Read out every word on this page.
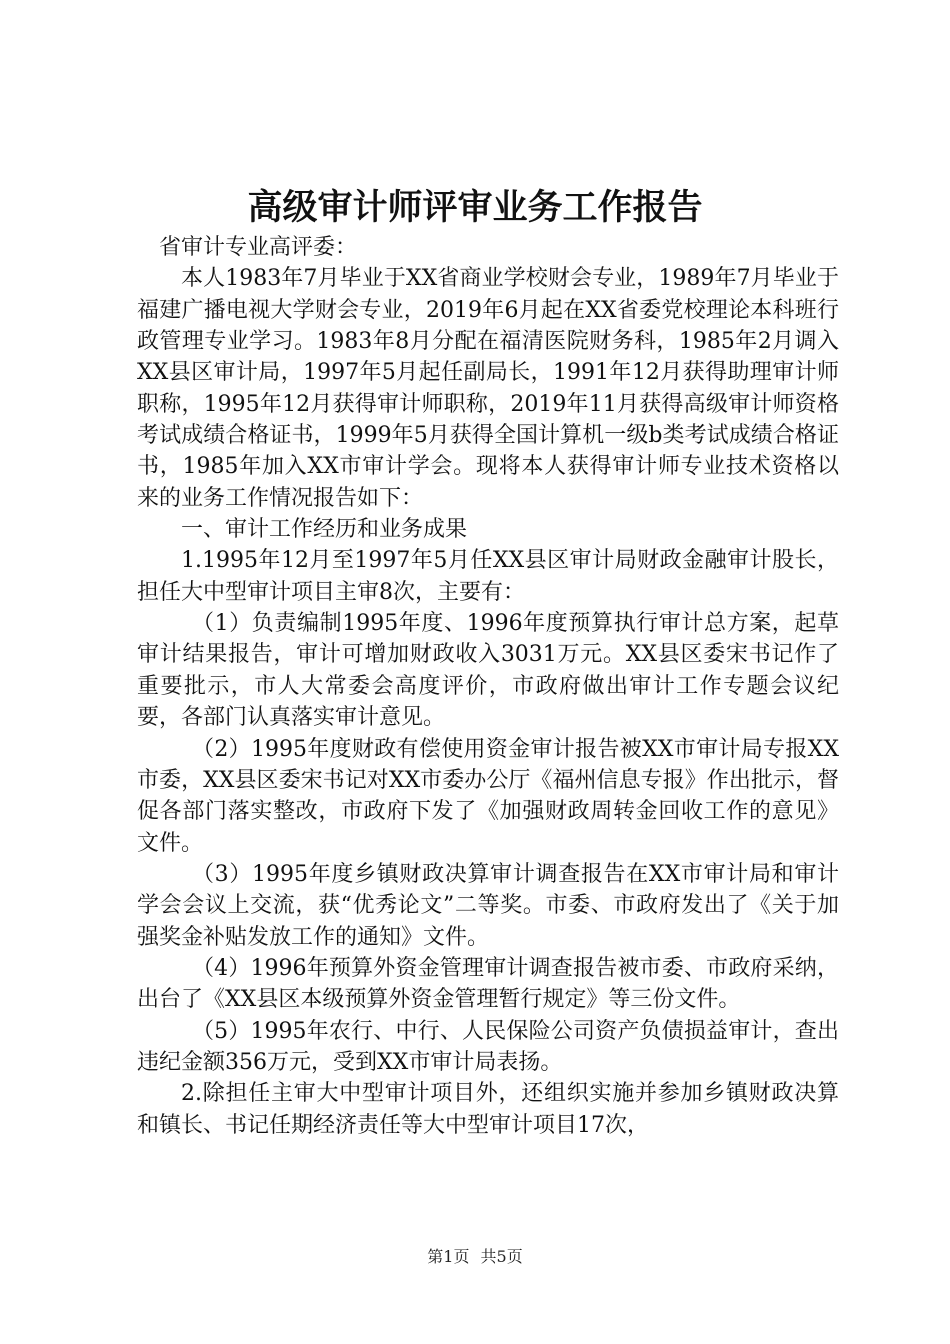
高级审计师评审业务工作报告

省审计专业高评委：

本人1983年7月毕业于XX省商业学校财会专业，1989年7月毕业于福建广播电视大学财会专业，2019年6月起在XX省委党校理论本科班行政管理专业学习。1983年8月分配在福清医院财务科，1985年2月调入XX县区审计局，1997年5月起任副局长，1991年12月获得助理审计师职称，1995年12月获得审计师职称，2019年11月获得高级审计师资格考试成绩合格证书，1999年5月获得全国计算机一级b类考试成绩合格证书，1985年加入XX市审计学会。现将本人获得审计师专业技术资格以来的业务工作情况报告如下：

一、审计工作经历和业务成果

1.1995年12月至1997年5月任XX县区审计局财政金融审计股长，担任大中型审计项目主审8次，主要有：

（1）负责编制1995年度、1996年度预算执行审计总方案，起草审计结果报告，审计可增加财政收入3031万元。XX县区委宋书记作了重要批示，市人大常委会高度评价，市政府做出审计工作专题会议纪要，各部门认真落实审计意见。

（2）1995年度财政有偿使用资金审计报告被XX市审计局专报XX市委，XX县区委宋书记对XX市委办公厅《福州信息专报》作出批示，督促各部门落实整改，市政府下发了《加强财政周转金回收工作的意见》文件。

（3）1995年度乡镇财政决算审计调查报告在XX市审计局和审计学会会议上交流，获“优秀论文”二等奖。市委、市政府发出了《关于加强奖金补贴发放工作的通知》文件。

（4）1996年预算外资金管理审计调查报告被市委、市政府采纳，出台了《XX县区本级预算外资金管理暂行规定》等三份文件。

（5）1995年农行、中行、人民保险公司资产负债损益审计，查出违纪金额356万元，受到XX市审计局表扬。

2.除担任主审大中型审计项目外，还组织实施并参加乡镇财政决算和镇长、书记任期经济责任等大中型审计项目17次，

第1页 共5页
